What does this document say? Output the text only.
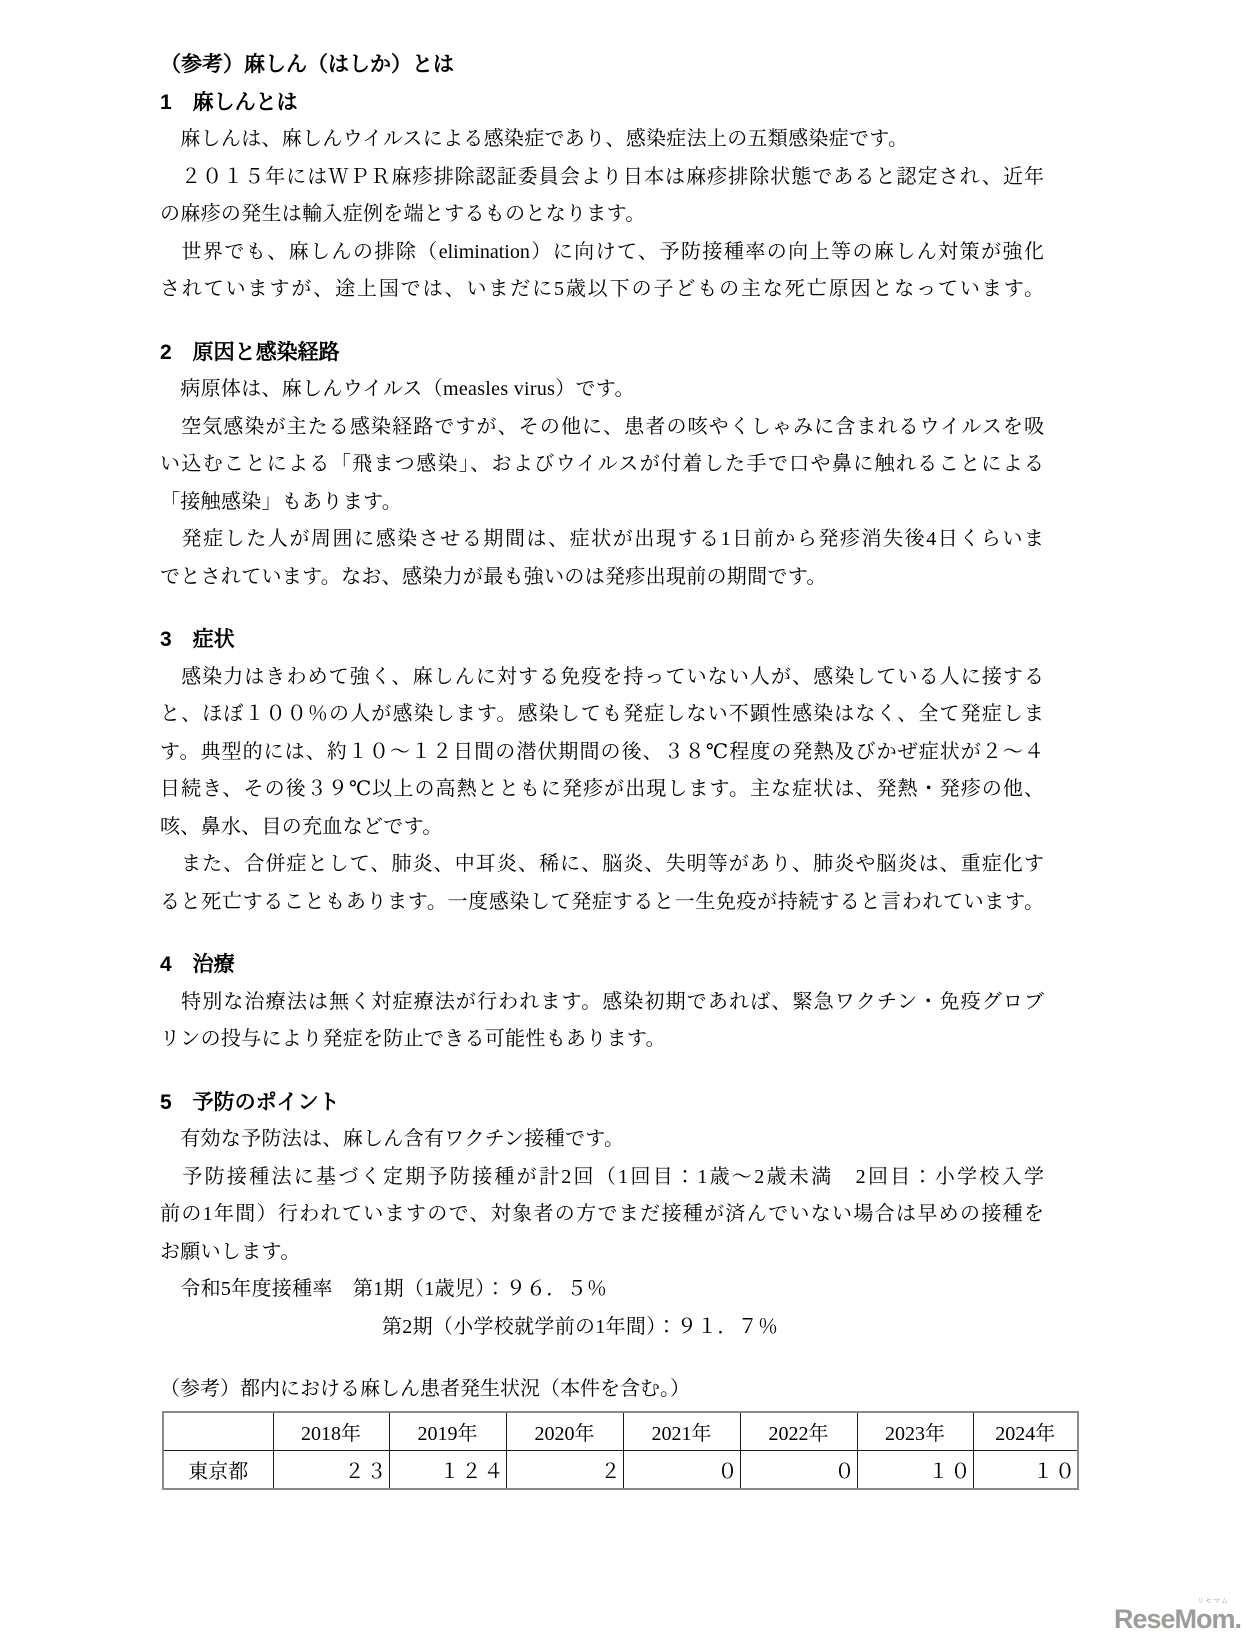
（参考）麻しん（はしか）とは
1　麻しんとは
　麻しんは、麻しんウイルスによる感染症であり、感染症法上の五類感染症です。
　２０１５年にはＷＰＲ麻疹排除認証委員会より日本は麻疹排除状態であると認定され、近年
の麻疹の発生は輸入症例を端とするものとなります。
　世界でも、麻しんの排除（elimination）に向けて、予防接種率の向上等の麻しん対策が強化
されていますが、途上国では、いまだに5歳以下の子どもの主な死亡原因となっています。
2　原因と感染経路
　病原体は、麻しんウイルス（measles virus）です。
　空気感染が主たる感染経路ですが、その他に、患者の咳やくしゃみに含まれるウイルスを吸
い込むことによる「飛まつ感染」、およびウイルスが付着した手で口や鼻に触れることによる
「接触感染」もあります。
　発症した人が周囲に感染させる期間は、症状が出現する1日前から発疹消失後4日くらいま
でとされています。なお、感染力が最も強いのは発疹出現前の期間です。
3　症状
　感染力はきわめて強く、麻しんに対する免疫を持っていない人が、感染している人に接する
と、ほぼ１００％の人が感染します。感染しても発症しない不顕性感染はなく、全て発症しま
す。典型的には、約１０～１２日間の潜伏期間の後、３８℃程度の発熱及びかぜ症状が２～４
日続き、その後３９℃以上の高熱とともに発疹が出現します。主な症状は、発熱・発疹の他、
咳、鼻水、目の充血などです。
　また、合併症として、肺炎、中耳炎、稀に、脳炎、失明等があり、肺炎や脳炎は、重症化す
ると死亡することもあります。一度感染して発症すると一生免疫が持続すると言われています。
4　治療
　特別な治療法は無く対症療法が行われます。感染初期であれば、緊急ワクチン・免疫グロブ
リンの投与により発症を防止できる可能性もあります。
5　予防のポイント
　有効な予防法は、麻しん含有ワクチン接種です。
　予防接種法に基づく定期予防接種が計2回（1回目：1歳～2歳未満　2回目：小学校入学
前の1年間）行われていますので、対象者の方でまだ接種が済んでいない場合は早めの接種を
お願いします。
　令和5年度接種率　第1期（1歳児）：９６．５％
第2期（小学校就学前の1年間）：９１．７％
（参考）都内における麻しん患者発生状況（本件を含む。）
	2018年	2019年	2020年	2021年	2022年	2023年	2024年
東京都	２３	１２４	２	０	０	１０	１０
リセマム
ReseMom.
